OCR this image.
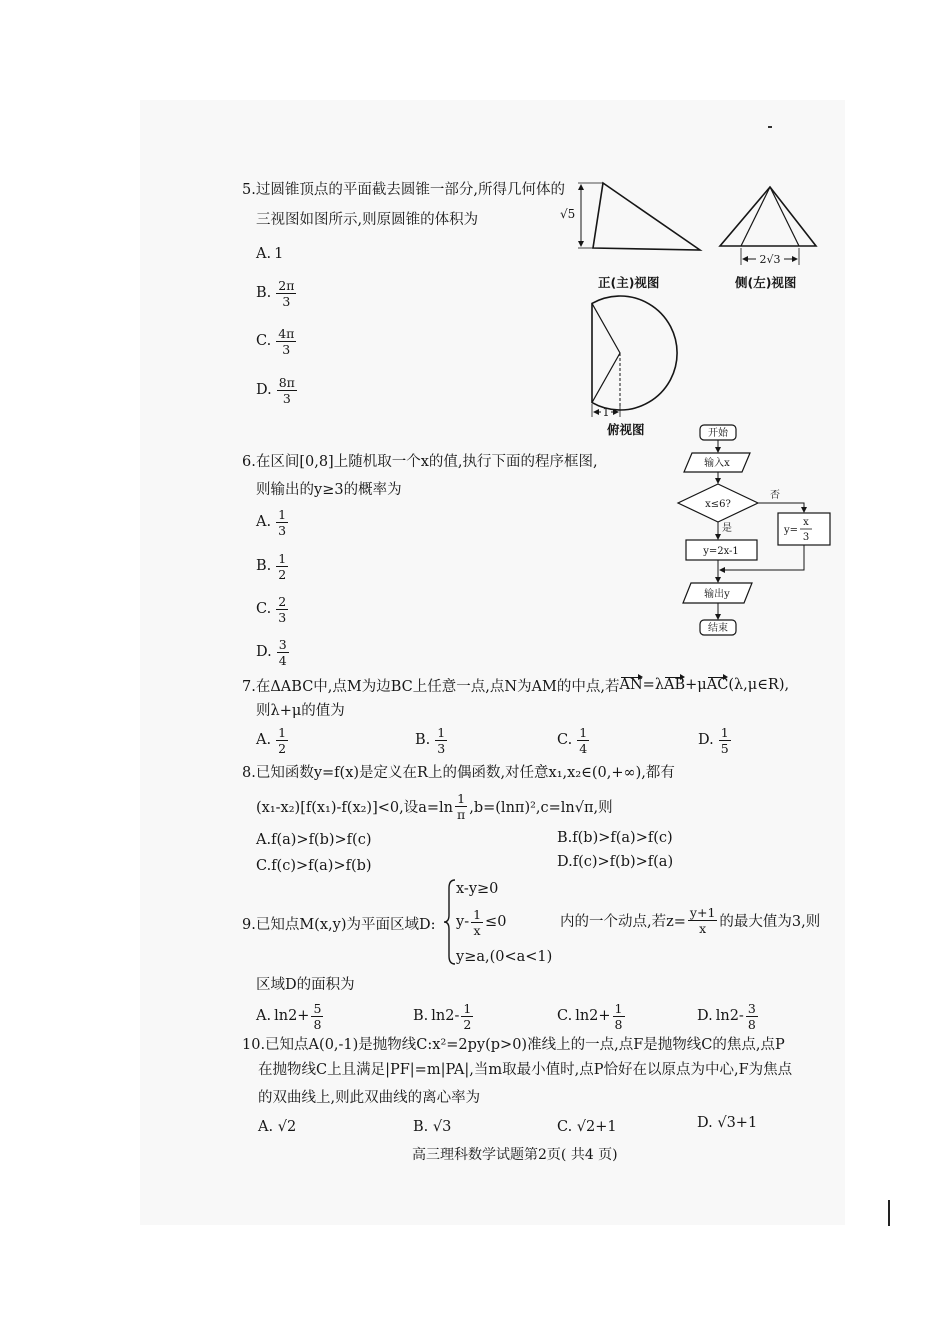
5.过圆锥顶点的平面截去圆锥一部分,所得几何体的
三视图如图所示,则原圆锥的体积为
A. 1
B. $\frac{2\pi}{3}$
C. $\frac{4\pi}{3}$
D. $\frac{8\pi}{3}$
√5
正(主)视图
2√3
侧(左)视图
1
俯视图
6.在区间[0,8]上随机取一个x的值,执行下面的程序框图,
则输出的y≥3的概率为
A. $\frac{1}{3}$
B. $\frac{1}{2}$
C. $\frac{2}{3}$
D. $\frac{3}{4}$
开始
输入x
x≤6?
否
y=
x
3
是
y=2x-1
输出y
结束
7.在ΔABC中,点M为边BC上任意一点,点N为AM的中点,若 AN =λ AB +μ AC (λ,μ∈R),
则λ+μ的值为
A. $\frac{1}{2}$	B. $\frac{1}{3}$	C. $\frac{1}{4}$	D. $\frac{1}{5}$
8.已知函数y=f(x)是定义在R上的偶函数,对任意x₁,x₂∈(0,+∞),都有
(x₁-x₂)[f(x₁)-f(x₂)]<0,设$a=\ln \frac{1}{\pi} ,b=(\ln\pi)^2,c=\ln√\pi$,则
A.f(a)>f(b)>f(c)	B.f(b)>f(a)>f(c)
C.f(c)>f(a)>f(b)	D.f(c)>f(b)>f(a)
9.已知点M(x,y)为平面区域D:
x-y≥0
$y- \frac{1}{x} \le 0$
y≥a,(0<a<1)
内的一个动点,若$z= \frac{y+1}{x}$ 的最大值为3,则
区域D的面积为
A. $\ln 2+ \frac{5}{8}$	B. $\ln 2- \frac{1}{2}$	C. $\ln 2+ \frac{1}{8}$	D. $\ln 2- \frac{3}{8}$
10.已知点A(0,-1)是抛物线C:x²=2py(p>0)准线上的一点,点F是抛物线C的焦点,点P
在抛物线C上且满足|PF|=m|PA|,当m取最小值时,点P恰好在以原点为中心,F为焦点
的双曲线上,则此双曲线的离心率为
A. √2	B. √3	C. √2+1	D. √3+1
高三理科数学试题第2页( 共4 页)
